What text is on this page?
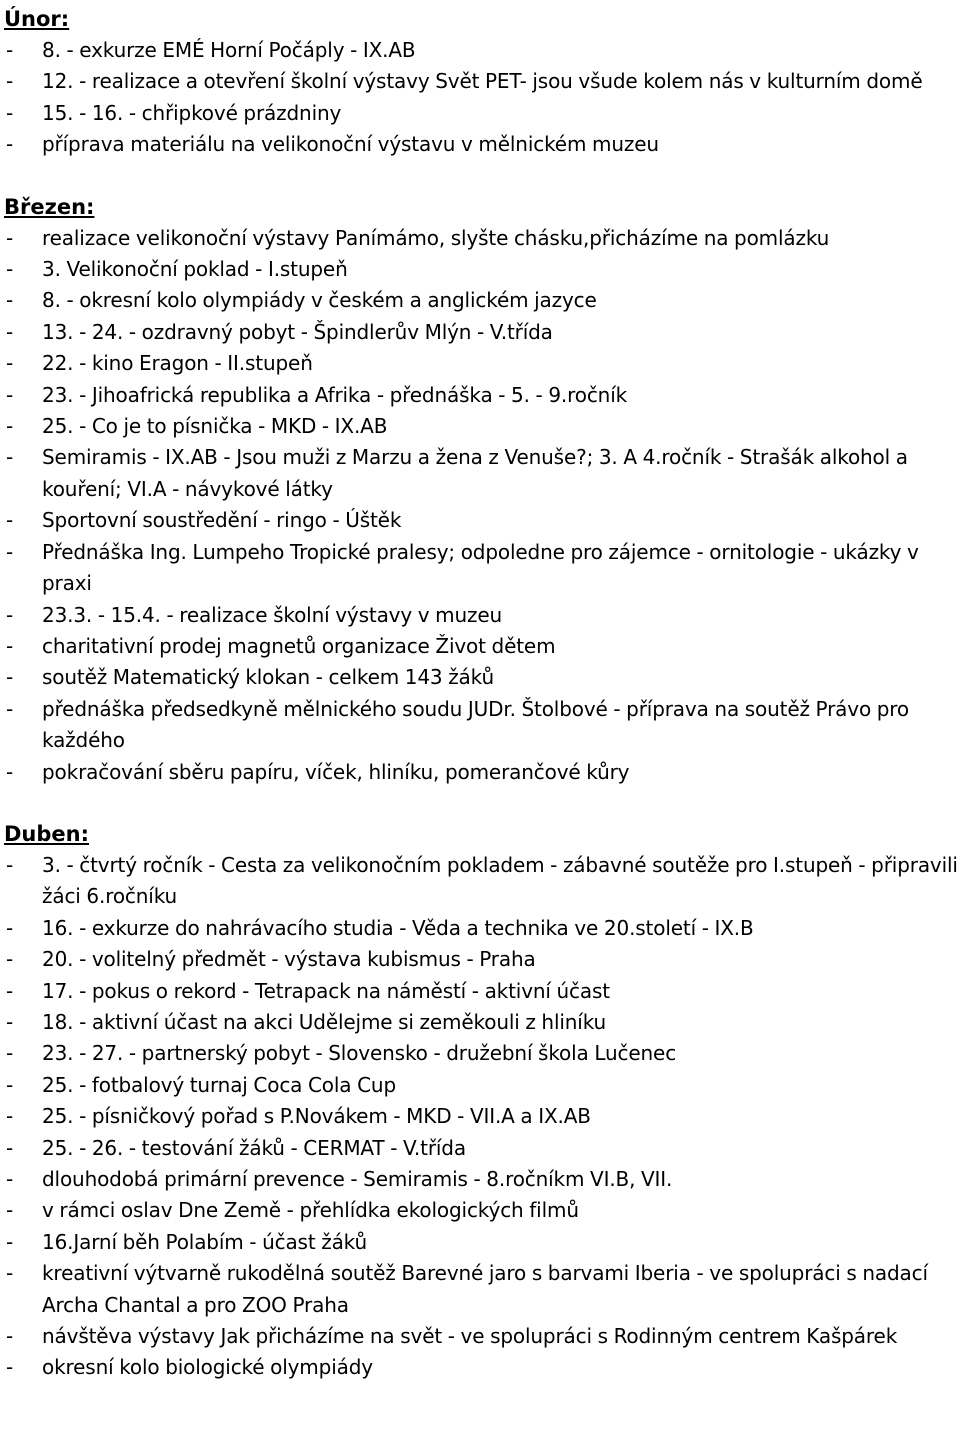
Únor:
- 8. - exkurze EMÉ Horní Počáply - IX.AB
- 12. - realizace a otevření školní výstavy Svět PET- jsou všude kolem nás v kulturním domě
- 15. - 16. - chřipkové prázdniny
- přípravа materiálu na velikonoční výstavu v mělnickém muzeu
Březen:
- realizace velikonoční výstavy Panímámo, slyšte chásku,přicházíme na pomlázku
- 3. Velikonoční poklad - I.stupeň
- 8. - okresní kolo olympiády v českém a anglickém jazyce
- 13. - 24. - ozdravný pobyt - Špindlerův Mlýn - V.třída
- 22. - kino Eragon - II.stupeň
- 23. - Jihoafrická republika a Afrika - přednáška - 5. - 9.ročník
- 25. - Co je to písnička - MKD - IX.AB
- Semiramis - IX.AB - Jsou muži z Marzu a žena z Venuše?; 3. A 4.ročník - Strašák alkohol a kouření; VI.A - návykové látky
- Sportovní soustředění - ringo - Úštěk
- Přednáška Ing. Lumpeho Tropické pralesy; odpoledne pro zájemce - ornitologie - ukázky v praxi
- 23.3. - 15.4. - realizace školní výstavy v muzeu
- charitativní prodej magnetů organizace Život dětem
- soutěž Matematický klokan - celkem 143 žáků
- přednáška předsedkyně mělnického soudu JUDr. Štolbové - příprava na soutěž Právo pro každého
- pokračování sběru papíru, víček, hliníku, pomerančové kůry
Duben:
- 3. - čtvrtý ročník - Cesta za velikonočním pokladem - zábavné soutěže pro I.stupeň - připravili žáci 6.ročníku
- 16. - exkurze do nahrávacího studia - Věda a technika ve 20.století - IX.B
- 20. - volitelný předmět - výstava kubismus - Praha
- 17. - pokus o rekord - Tetrapack na náměstí - aktivní účast
- 18. - aktivní účast na akci Udělejme si zeměkouli z hliníku
- 23. - 27. - partnerský pobyt - Slovensko - družební škola Lučenec
- 25. - fotbalový turnaj Coca Cola Cup
- 25. - písničkový pořad s P.Novákem - MKD - VII.A a IX.AB
- 25. - 26. - testování žáků - CERMAT - V.třída
- dlouhodobá primární prevence - Semiramis - 8.ročníkm VI.B, VII.
- v rámci oslav Dne Země - přehlídka ekologických filmů
- 16.Jarní běh Polabím - účast žáků
- kreativní výtvarně rukodělná soutěž Barevné jaro s barvami Iberia - ve spolupráci s nadací Archa Chantal a pro ZOO Praha
- návštěva výstavy Jak přicházíme na svět - ve spolupráci s Rodinným centrem Kašpárek
- okresní kolo biologické olympiády
